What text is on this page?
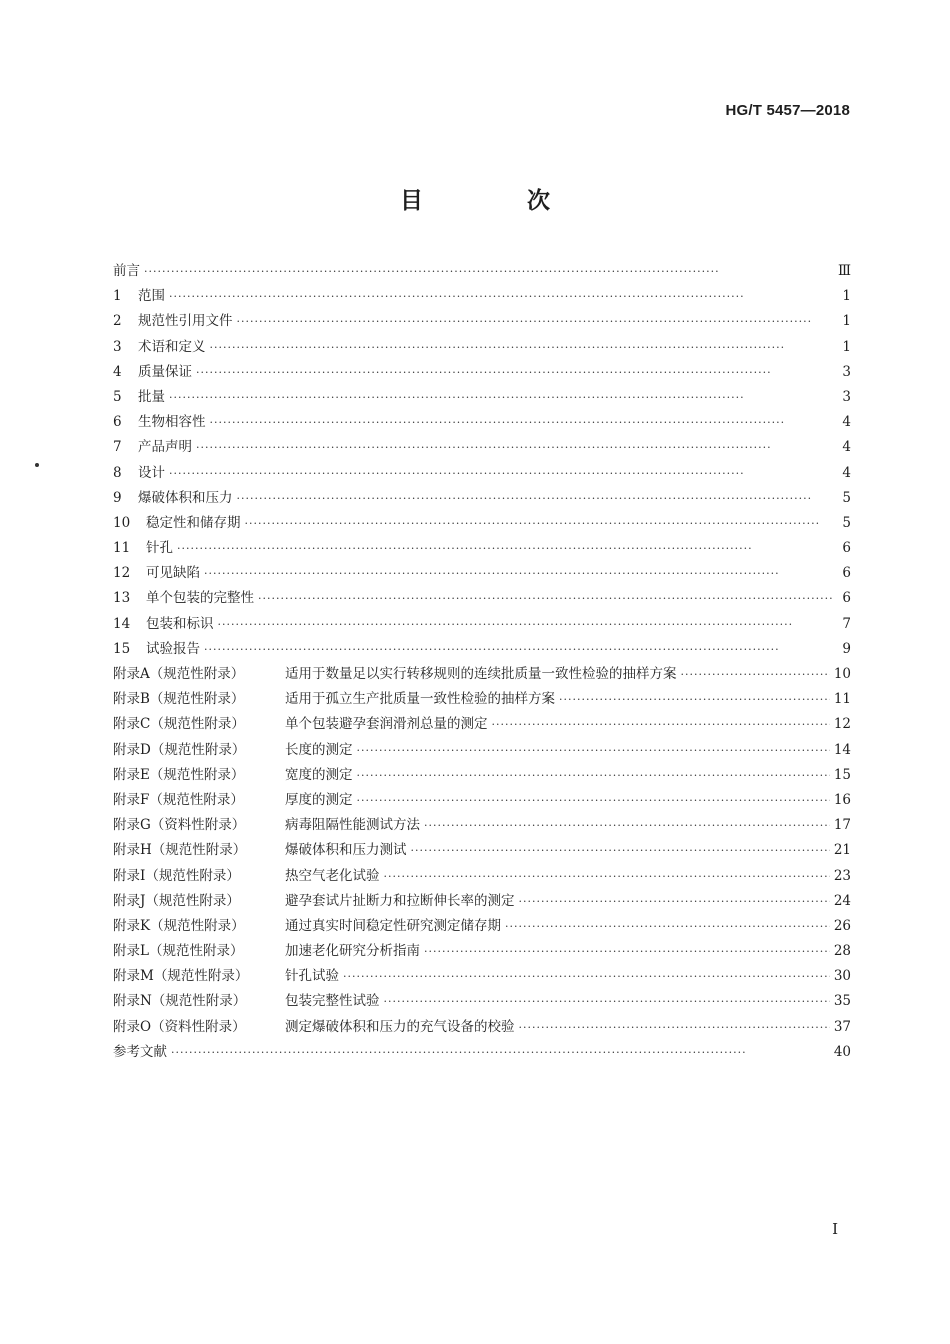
HG/T 5457—2018
目 次
前言 ·····	Ⅲ
1	范围 ·····	1
2	规范性引用文件 ·····	1
3	术语和定义 ·····	1
4	质量保证 ·····	3
5	批量 ·····	3
6	生物相容性 ·····	4
7	产品声明 ·····	4
8	设计 ·····	4
9	爆破体积和压力 ·····	5
10	稳定性和储存期 ·····	5
11	针孔 ·····	6
12	可见缺陷 ·····	6
13	单个包装的完整性 ·····	6
14	包装和标识 ·····	7
15	试验报告 ·····	9
附录A（规范性附录）	适用于数量足以实行转移规则的连续批质量一致性检验的抽样方案 ·····	10
附录B（规范性附录）	适用于孤立生产批质量一致性检验的抽样方案 ·····	11
附录C（规范性附录）	单个包装避孕套润滑剂总量的测定 ·····	12
附录D（规范性附录）	长度的测定 ·····	14
附录E（规范性附录）	宽度的测定 ·····	15
附录F（规范性附录）	厚度的测定 ·····	16
附录G（资料性附录）	病毒阻隔性能测试方法 ·····	17
附录H（规范性附录）	爆破体积和压力测试 ·····	21
附录I（规范性附录）	热空气老化试验 ·····	23
附录J（规范性附录）	避孕套试片扯断力和拉断伸长率的测定 ·····	24
附录K（规范性附录）	通过真实时间稳定性研究测定储存期 ·····	26
附录L（规范性附录）	加速老化研究分析指南 ·····	28
附录M（规范性附录）	针孔试验 ·····	30
附录N（规范性附录）	包装完整性试验 ·····	35
附录O（资料性附录）	测定爆破体积和压力的充气设备的校验 ·····	37
参考文献 ·····	40
Ⅰ
